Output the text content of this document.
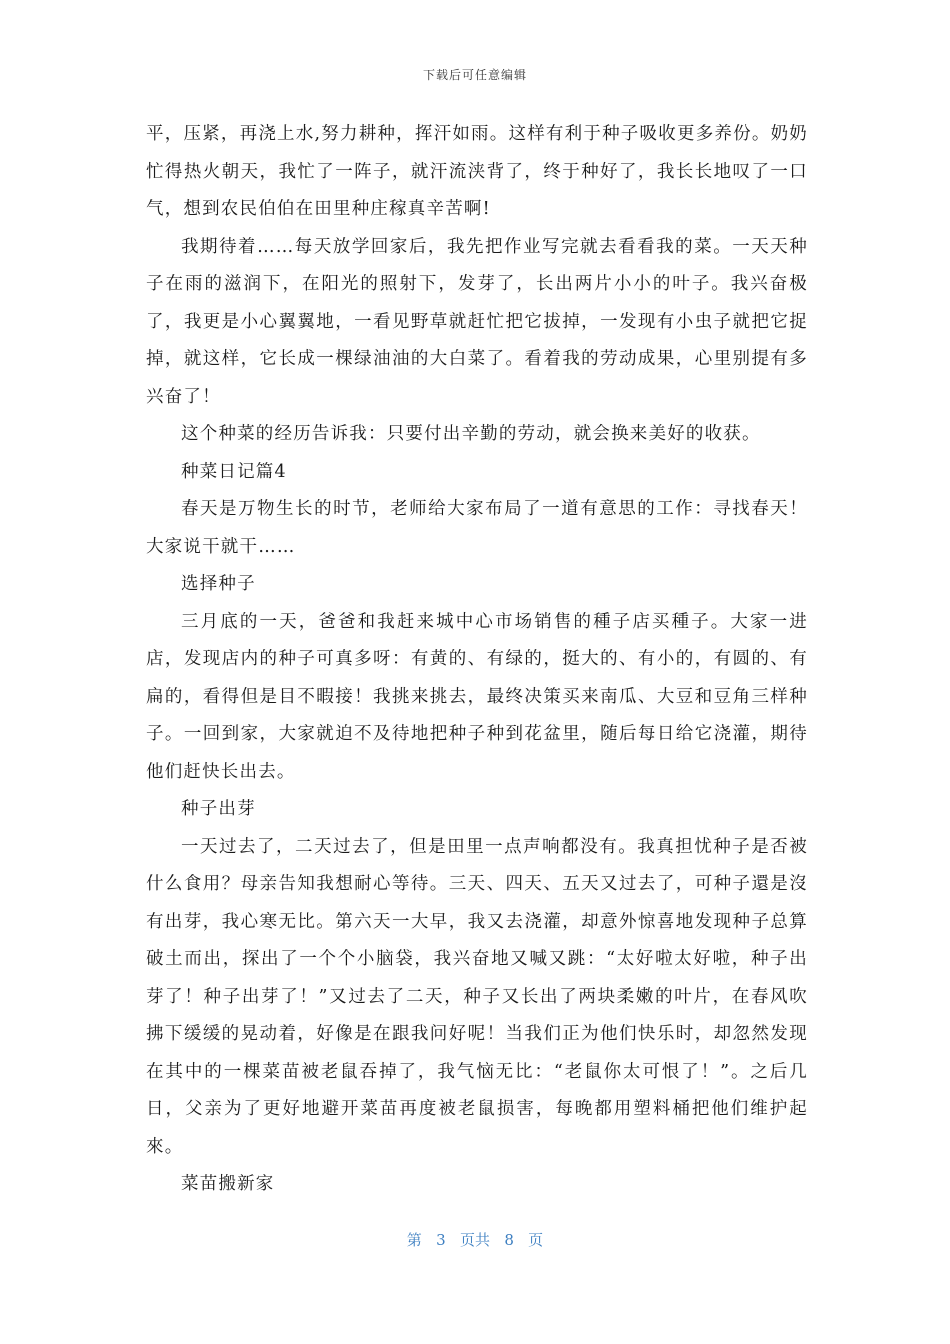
下载后可任意编辑

平，压紧，再浇上水,努力耕种，挥汗如雨。这样有利于种子吸收更多养份。奶奶忙得热火朝天，我忙了一阵子，就汗流浃背了，终于种好了，我长长地叹了一口气，想到农民伯伯在田里种庄稼真辛苦啊!

我期待着……每天放学回家后，我先把作业写完就去看看我的菜。一天天种子在雨的滋润下，在阳光的照射下，发芽了，长出两片小小的叶子。我兴奋极了，我更是小心翼翼地，一看见野草就赶忙把它拔掉，一发现有小虫子就把它捉掉，就这样，它长成一棵绿油油的大白菜了。看着我的劳动成果，心里别提有多兴奋了！

这个种菜的经历告诉我：只要付出辛勤的劳动，就会换来美好的收获。

种菜日记篇4

春天是万物生长的时节，老师给大家布局了一道有意思的工作：寻找春天！大家说干就干……

选择种子

三月底的一天，爸爸和我赶来城中心市场销售的種子店买種子。大家一进店，发现店内的种子可真多呀：有黄的、有绿的，挺大的、有小的，有圆的、有扁的，看得但是目不暇接！我挑来挑去，最终决策买来南瓜、大豆和豆角三样种子。一回到家，大家就迫不及待地把种子种到花盆里，随后每日给它浇灌，期待他们赶快长出去。

种子出芽

一天过去了，二天过去了，但是田里一点声响都没有。我真担忧种子是否被什么食用？母亲告知我想耐心等待。三天、四天、五天又过去了，可种子還是沒有出芽，我心寒无比。第六天一大早，我又去浇灌，却意外惊喜地发现种子总算破土而出，探出了一个个小脑袋，我兴奋地又喊又跳：“太好啦太好啦，种子出芽了！种子出芽了！”又过去了二天，种子又长出了两块柔嫩的叶片，在春风吹拂下缓缓的晃动着，好像是在跟我问好呢！当我们正为他们快乐时，却忽然发现在其中的一棵菜苗被老鼠吞掉了，我气恼无比：“老鼠你太可恨了！”。之后几日，父亲为了更好地避开菜苗再度被老鼠损害，每晚都用塑料桶把他们维护起來。

菜苗搬新家

第 3 页共 8 页
